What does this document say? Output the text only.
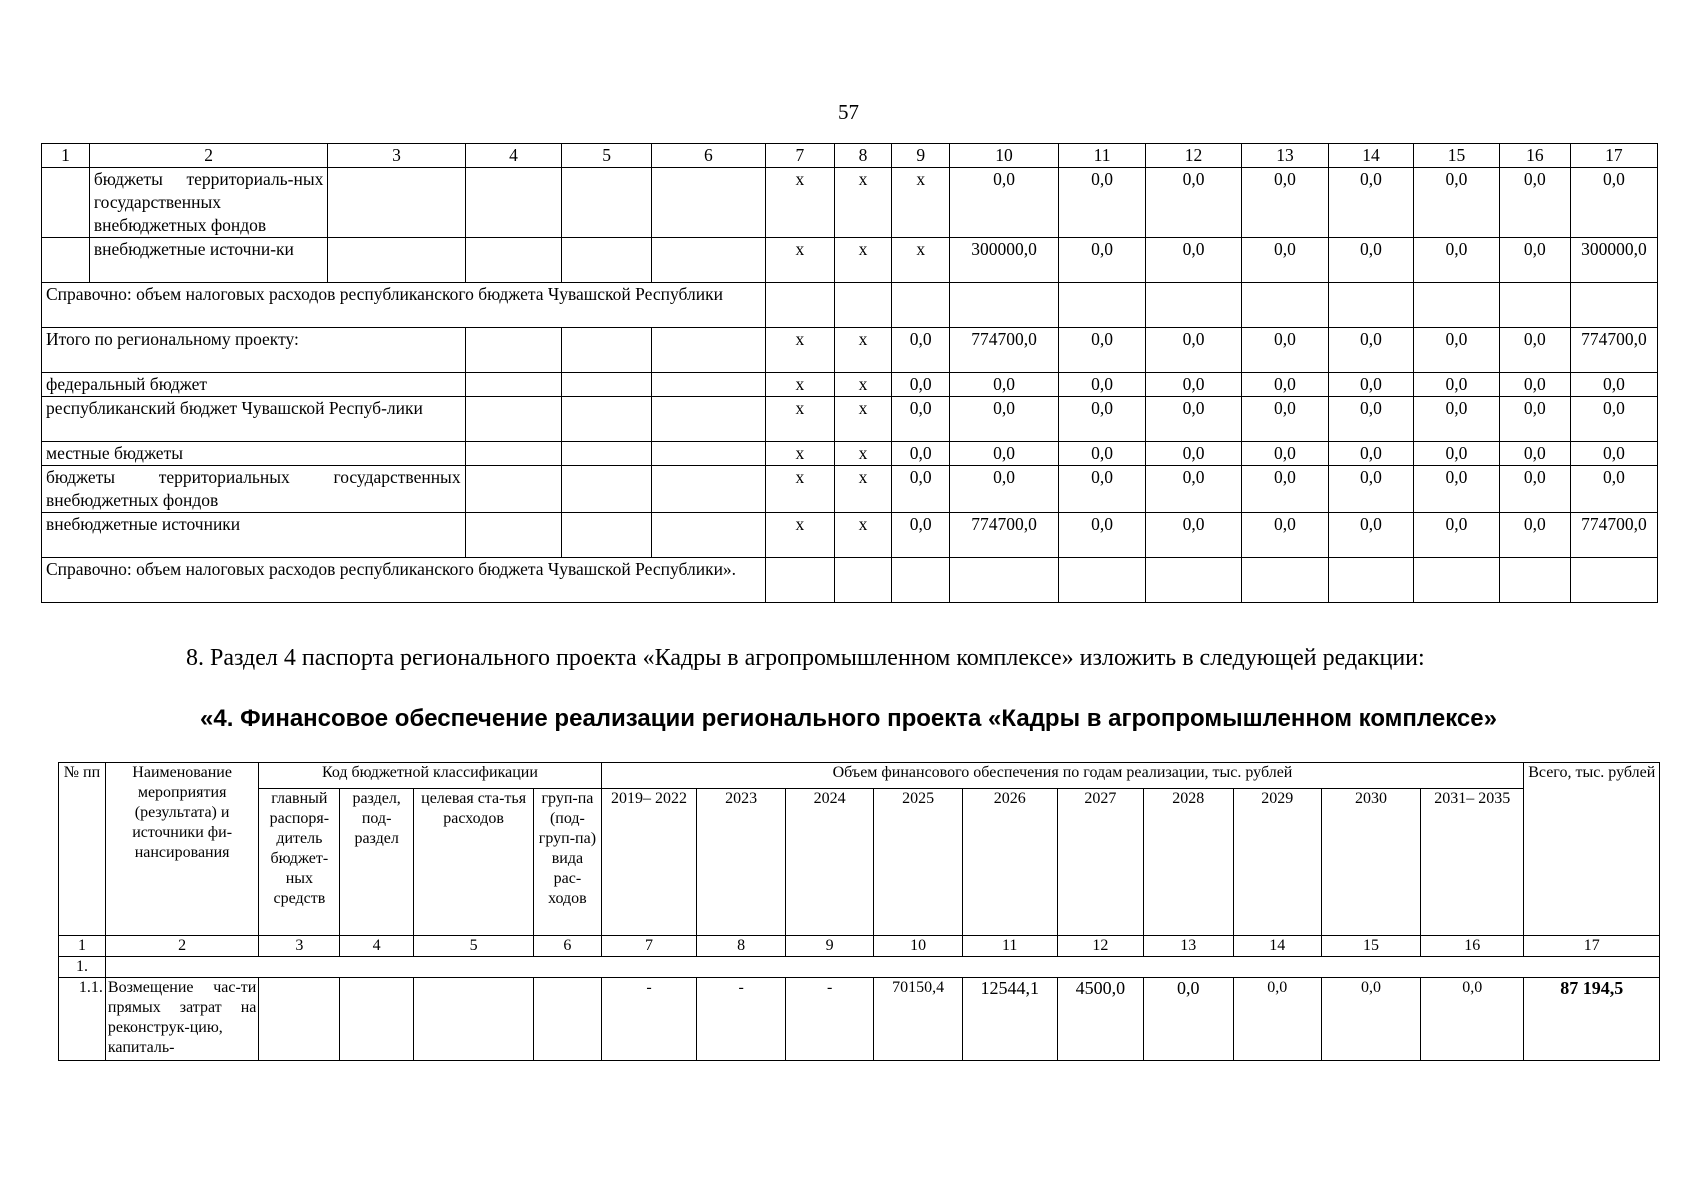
57
1	2	3	4	5	6	7	8	9	10	11	12	13	14	15	16	17
	бюджеты территориаль-ных государственных внебюджетных фондов					х	х	х	0,0	0,0	0,0	0,0	0,0	0,0	0,0	0,0
	внебюджетные источни-ки					х	х	х	300000,0	0,0	0,0	0,0	0,0	0,0	0,0	300000,0
Справочно: объем налоговых расходов республиканского бюджета Чувашской Республики																
Итого по региональному проекту:						х	х	0,0	774700,0	0,0	0,0	0,0	0,0	0,0	0,0	774700,0
федеральный бюджет						х	х	0,0	0,0	0,0	0,0	0,0	0,0	0,0	0,0	0,0
республиканский бюджет Чувашской Респуб-лики						х	х	0,0	0,0	0,0	0,0	0,0	0,0	0,0	0,0	0,0
местные бюджеты						х	х	0,0	0,0	0,0	0,0	0,0	0,0	0,0	0,0	0,0
бюджеты территориальных государственных внебюджетных фондов						х	х	0,0	0,0	0,0	0,0	0,0	0,0	0,0	0,0	0,0
внебюджетные источники						х	х	0,0	774700,0	0,0	0,0	0,0	0,0	0,0	0,0	774700,0
Справочно: объем налоговых расходов республиканского бюджета Чувашской Республики».																
8. Раздел 4 паспорта регионального проекта «Кадры в агропромышленном комплексе» изложить в следующей редакции:
«4. Финансовое обеспечение реализации регионального проекта «Кадры в агропромышленном комплексе»
№ пп	Наименование мероприятия (результата) и источники фи-нансирования	Код бюджетной классификации				Объем финансового обеспечения по годам реализации, тыс. рублей										Всего, тыс. рублей
		главный распоря-дитель бюджет-ных средств	раздел, под-раздел	целевая ста-тья расходов	груп-па (под-груп-па) вида рас-ходов	2019– 2022	2023	2024	2025	2026	2027	2028	2029	2030	2031– 2035	
1	2	3	4	5	6	7	8	9	10	11	12	13	14	15	16	17
1.																
1.1.	Возмещение час-ти прямых затрат на реконструк-цию, капиталь-					-	-	-	70150,4	12544,1	4500,0	0,0	0,0	0,0	0,0	87 194,5
